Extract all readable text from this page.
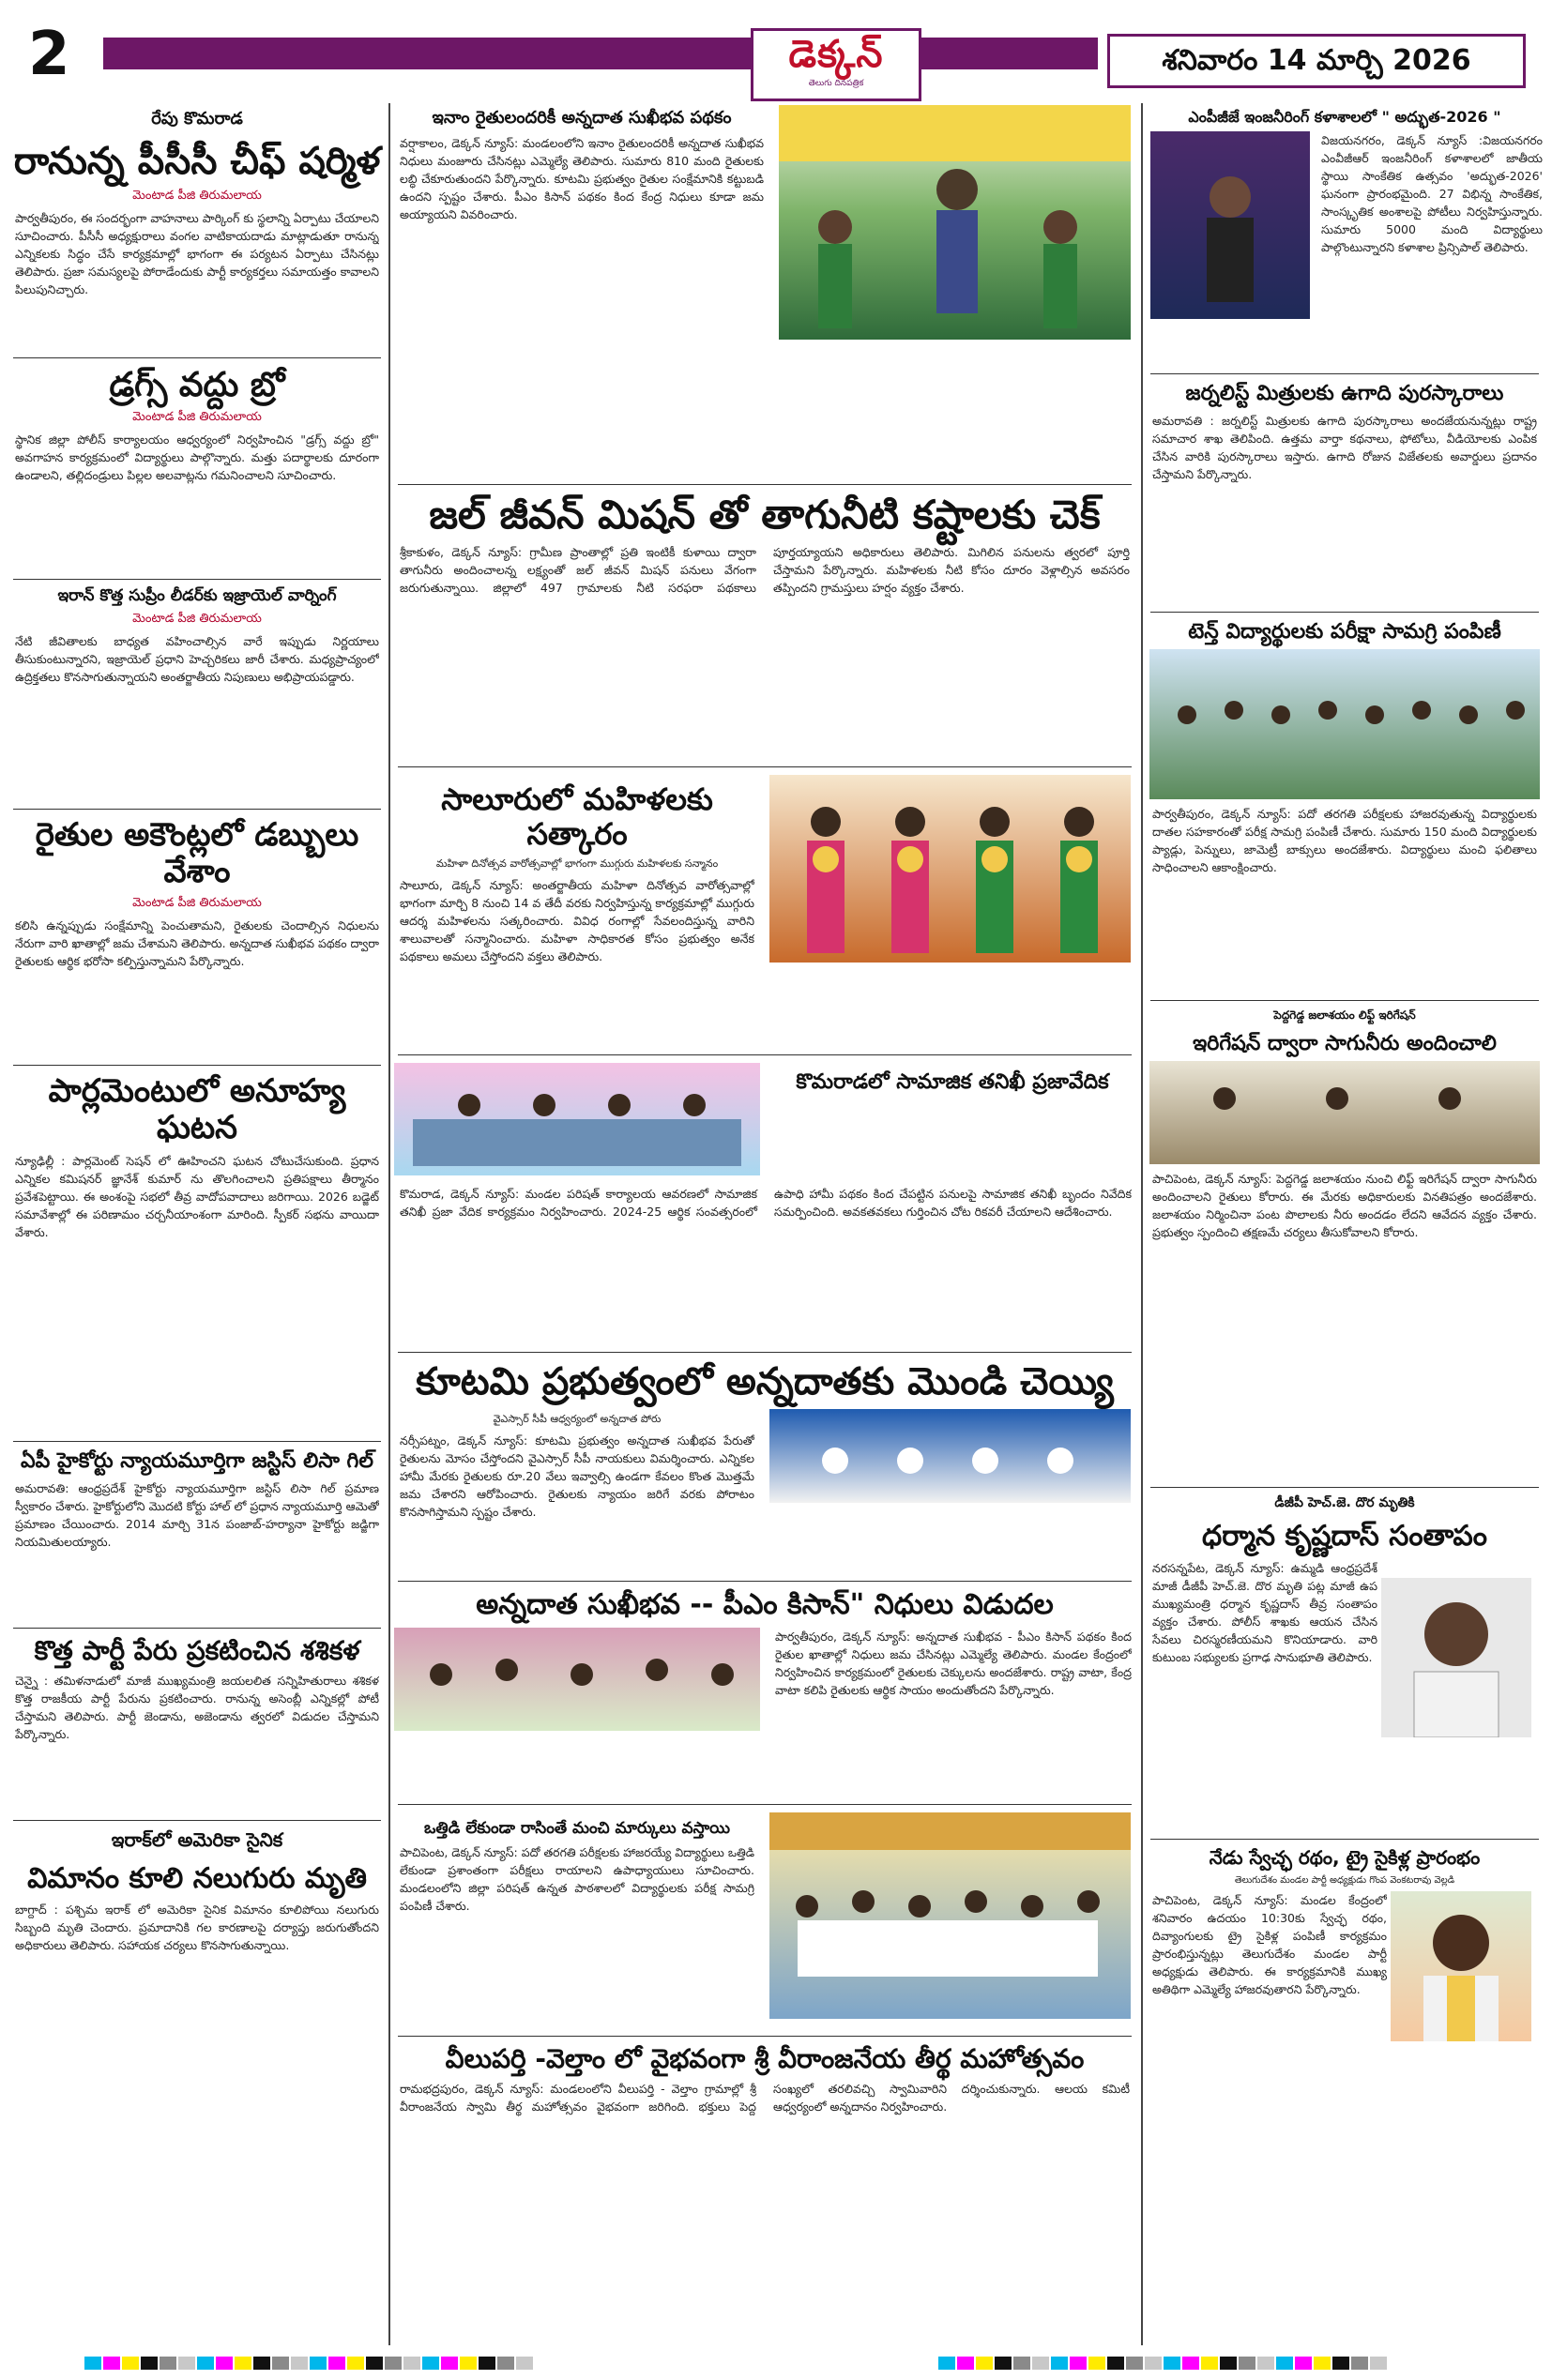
2	డెక్కన్
తెలుగు దినపత్రిక
శనివారం 14 మార్చి 2026
రేపు కొమరాడ
రానున్న పీసీసీ చీఫ్ షర్మిళ
మెంటాడ పీజి తిరుమలాయ
పార్వతీపురం, ఈ సందర్భంగా వాహనాలు పార్కింగ్ కు స్థలాన్ని ఏర్పాటు చేయాలని సూచించారు. పీసీసీ అధ్యక్షురాలు వంగల వాటికాయదాడు మాట్లాడుతూ రానున్న ఎన్నికలకు సిద్ధం చేసే కార్యక్రమాల్లో భాగంగా ఈ పర్యటన ఏర్పాటు చేసినట్లు తెలిపారు. ప్రజా సమస్యలపై పోరాడేందుకు పార్టీ కార్యకర్తలు సమాయత్తం కావాలని పిలుపునిచ్చారు.
డ్రగ్స్ వద్దు బ్రో
మెంటాడ పీజి తిరుమలాయ
స్థానిక జిల్లా పోలీస్ కార్యాలయం ఆధ్వర్యంలో నిర్వహించిన "డ్రగ్స్ వద్దు బ్రో" అవగాహన కార్యక్రమంలో విద్యార్థులు పాల్గొన్నారు. మత్తు పదార్థాలకు దూరంగా ఉండాలని, తల్లిదండ్రులు పిల్లల అలవాట్లను గమనించాలని సూచించారు.
ఇరాన్ కొత్త సుప్రీం లీడర్‌కు ఇజ్రాయెల్ వార్నింగ్
మెంటాడ పీజి తిరుమలాయ
నేటి జీవితాలకు బాధ్యత వహించాల్సిన వారే ఇప్పుడు నిర్ణయాలు తీసుకుంటున్నారని, ఇజ్రాయెల్ ప్రధాని హెచ్చరికలు జారీ చేశారు. మధ్యప్రాచ్యంలో ఉద్రిక్తతలు కొనసాగుతున్నాయని అంతర్జాతీయ నిపుణులు అభిప్రాయపడ్డారు.
రైతుల అకౌంట్లలో డబ్బులు వేశాం
మెంటాడ పీజి తిరుమలాయ
కలిసి ఉన్నప్పుడు సంక్షేమాన్ని పెంచుతామని, రైతులకు చెందాల్సిన నిధులను నేరుగా వారి ఖాతాల్లో జమ చేశామని తెలిపారు. అన్నదాత సుఖీభవ పథకం ద్వారా రైతులకు ఆర్థిక భరోసా కల్పిస్తున్నామని పేర్కొన్నారు.
పార్లమెంటులో అనూహ్య ఘటన
న్యూఢిల్లీ : పార్లమెంట్ సెషన్ లో ఊహించని ఘటన చోటుచేసుకుంది. ప్రధాన ఎన్నికల కమిషనర్ జ్ఞానేశ్ కుమార్ ను తొలగించాలని ప్రతిపక్షాలు తీర్మానం ప్రవేశపెట్టాయి. ఈ అంశంపై సభలో తీవ్ర వాదోపవాదాలు జరిగాయి. 2026 బడ్జెట్ సమావేశాల్లో ఈ పరిణామం చర్చనీయాంశంగా మారింది. స్పీకర్ సభను వాయిదా వేశారు.
ఏపీ హైకోర్టు న్యాయమూర్తిగా జస్టిస్ లిసా గిల్
అమరావతి: ఆంధ్రప్రదేశ్ హైకోర్టు న్యాయమూర్తిగా జస్టిస్ లిసా గిల్ ప్రమాణ స్వీకారం చేశారు. హైకోర్టులోని మొదటి కోర్టు హాల్ లో ప్రధాన న్యాయమూర్తి ఆమెతో ప్రమాణం చేయించారు. 2014 మార్చి 31న పంజాబ్-హర్యానా హైకోర్టు జడ్జిగా నియమితులయ్యారు.
కొత్త పార్టీ పేరు ప్రకటించిన శశికళ
చెన్నై : తమిళనాడులో మాజీ ముఖ్యమంత్రి జయలలిత సన్నిహితురాలు శశికళ కొత్త రాజకీయ పార్టీ పేరును ప్రకటించారు. రానున్న అసెంబ్లీ ఎన్నికల్లో పోటీ చేస్తామని తెలిపారు. పార్టీ జెండాను, అజెండాను త్వరలో విడుదల చేస్తామని పేర్కొన్నారు.
ఇరాక్‌లో అమెరికా సైనిక
విమానం కూలి నలుగురు మృతి
బాగ్దాద్ : పశ్చిమ ఇరాక్ లో అమెరికా సైనిక విమానం కూలిపోయి నలుగురు సిబ్బంది మృతి చెందారు. ప్రమాదానికి గల కారణాలపై దర్యాప్తు జరుగుతోందని అధికారులు తెలిపారు. సహాయక చర్యలు కొనసాగుతున్నాయి.
ఇనాం రైతులందరికీ అన్నదాత సుఖీభవ పథకం
వర్షాకాలం, డెక్కన్ న్యూస్: మండలంలోని ఇనాం రైతులందరికీ అన్నదాత సుఖీభవ నిధులు మంజూరు చేసినట్లు ఎమ్మెల్యే తెలిపారు. సుమారు 810 మంది రైతులకు లబ్ధి చేకూరుతుందని పేర్కొన్నారు. కూటమి ప్రభుత్వం రైతుల సంక్షేమానికి కట్టుబడి ఉందని స్పష్టం చేశారు. పీఎం కిసాన్ పథకం కింద కేంద్ర నిధులు కూడా జమ అయ్యాయని వివరించారు.
జల్ జీవన్ మిషన్ తో తాగునీటి కష్టాలకు చెక్
శ్రీకాకుళం, డెక్కన్ న్యూస్: గ్రామీణ ప్రాంతాల్లో ప్రతి ఇంటికీ కుళాయి ద్వారా తాగునీరు అందించాలన్న లక్ష్యంతో జల్ జీవన్ మిషన్ పనులు వేగంగా జరుగుతున్నాయి. జిల్లాలో 497 గ్రామాలకు నీటి సరఫరా పథకాలు పూర్తయ్యాయని అధికారులు తెలిపారు. మిగిలిన పనులను త్వరలో పూర్తి చేస్తామని పేర్కొన్నారు. మహిళలకు నీటి కోసం దూరం వెళ్లాల్సిన అవసరం తప్పిందని గ్రామస్తులు హర్షం వ్యక్తం చేశారు.
సాలూరులో మహిళలకు సత్కారం
మహిళా దినోత్సవ వారోత్సవాల్లో భాగంగా ముగ్గురు మహిళలకు సన్మానం
సాలూరు, డెక్కన్ న్యూస్: అంతర్జాతీయ మహిళా దినోత్సవ వారోత్సవాల్లో భాగంగా మార్చి 8 నుంచి 14 వ తేదీ వరకు నిర్వహిస్తున్న కార్యక్రమాల్లో ముగ్గురు ఆదర్శ మహిళలను సత్కరించారు. వివిధ రంగాల్లో సేవలందిస్తున్న వారిని శాలువాలతో సన్మానించారు. మహిళా సాధికారత కోసం ప్రభుత్వం అనేక పథకాలు అమలు చేస్తోందని వక్తలు తెలిపారు.
కొమరాడలో సామాజిక తనిఖీ ప్రజావేదిక
కొమరాడ, డెక్కన్ న్యూస్: మండల పరిషత్ కార్యాలయ ఆవరణలో సామాజిక తనిఖీ ప్రజా వేదిక కార్యక్రమం నిర్వహించారు. 2024-25 ఆర్థిక సంవత్సరంలో ఉపాధి హామీ పథకం కింద చేపట్టిన పనులపై సామాజిక తనిఖీ బృందం నివేదిక సమర్పించింది. అవకతవకలు గుర్తించిన చోట రికవరీ చేయాలని ఆదేశించారు.
కూటమి ప్రభుత్వంలో అన్నదాతకు మొండి చెయ్యి
వైఎస్సార్ సీపీ ఆధ్వర్యంలో అన్నదాత పోరు
నర్సీపట్నం, డెక్కన్ న్యూస్: కూటమి ప్రభుత్వం అన్నదాత సుఖీభవ పేరుతో రైతులను మోసం చేస్తోందని వైఎస్సార్ సీపీ నాయకులు విమర్శించారు. ఎన్నికల హామీ మేరకు రైతులకు రూ.20 వేలు ఇవ్వాల్సి ఉండగా కేవలం కొంత మొత్తమే జమ చేశారని ఆరోపించారు. రైతులకు న్యాయం జరిగే వరకు పోరాటం కొనసాగిస్తామని స్పష్టం చేశారు.
అన్నదాత సుఖీభవ -- పీఎం కిసాన్" నిధులు విడుదల
పార్వతీపురం, డెక్కన్ న్యూస్: అన్నదాత సుఖీభవ - పీఎం కిసాన్ పథకం కింద రైతుల ఖాతాల్లో నిధులు జమ చేసినట్లు ఎమ్మెల్యే తెలిపారు. మండల కేంద్రంలో నిర్వహించిన కార్యక్రమంలో రైతులకు చెక్కులను అందజేశారు. రాష్ట్ర వాటా, కేంద్ర వాటా కలిపి రైతులకు ఆర్థిక సాయం అందుతోందని పేర్కొన్నారు.
ఒత్తిడి లేకుండా రాసింతే మంచి మార్కులు వస్తాయి
పాచిపెంట, డెక్కన్ న్యూస్: పదో తరగతి పరీక్షలకు హాజరయ్యే విద్యార్థులు ఒత్తిడి లేకుండా ప్రశాంతంగా పరీక్షలు రాయాలని ఉపాధ్యాయులు సూచించారు. మండలంలోని జిల్లా పరిషత్ ఉన్నత పాఠశాలలో విద్యార్థులకు పరీక్ష సామగ్రి పంపిణీ చేశారు.
వీలుపర్తి -వెల్తాం లో వైభవంగా శ్రీ వీరాంజనేయ తీర్థ మహోత్సవం
రామభద్రపురం, డెక్కన్ న్యూస్: మండలంలోని వీలుపర్తి - వెల్తాం గ్రామాల్లో శ్రీ వీరాంజనేయ స్వామి తీర్థ మహోత్సవం వైభవంగా జరిగింది. భక్తులు పెద్ద సంఖ్యలో తరలివచ్చి స్వామివారిని దర్శించుకున్నారు. ఆలయ కమిటీ ఆధ్వర్యంలో అన్నదానం నిర్వహించారు.
ఎంపీజీజే ఇంజనీరింగ్ కళాశాలలో " అద్భుత-2026 "
విజయనగరం, డెక్కన్ న్యూస్ :విజయనగరం ఎంవీజీఆర్ ఇంజనీరింగ్ కళాశాలలో జాతీయ స్థాయి సాంకేతిక ఉత్సవం 'అద్భుత-2026' ఘనంగా ప్రారంభమైంది. 27 విభిన్న సాంకేతిక, సాంస్కృతిక అంశాలపై పోటీలు నిర్వహిస్తున్నారు. సుమారు 5000 మంది విద్యార్థులు పాల్గొంటున్నారని కళాశాల ప్రిన్సిపాల్ తెలిపారు.
జర్నలిస్ట్ మిత్రులకు ఉగాది పురస్కారాలు
అమరావతి : జర్నలిస్ట్ మిత్రులకు ఉగాది పురస్కారాలు అందజేయనున్నట్లు రాష్ట్ర సమాచార శాఖ తెలిపింది. ఉత్తమ వార్తా కథనాలు, ఫోటోలు, వీడియోలకు ఎంపిక చేసిన వారికి పురస్కారాలు ఇస్తారు. ఉగాది రోజున విజేతలకు అవార్డులు ప్రదానం చేస్తామని పేర్కొన్నారు.
టెన్త్ విద్యార్థులకు పరీక్షా సామగ్రి పంపిణీ
పార్వతీపురం, డెక్కన్ న్యూస్: పదో తరగతి పరీక్షలకు హాజరవుతున్న విద్యార్థులకు దాతల సహకారంతో పరీక్ష సామగ్రి పంపిణీ చేశారు. సుమారు 150 మంది విద్యార్థులకు ప్యాడ్లు, పెన్నులు, జామెట్రీ బాక్సులు అందజేశారు. విద్యార్థులు మంచి ఫలితాలు సాధించాలని ఆకాంక్షించారు.
పెద్దగెడ్డ జలాశయం లిఫ్ట్ ఇరిగేషన్
ఇరిగేషన్ ద్వారా సాగునీరు అందించాలి
పాచిపెంట, డెక్కన్ న్యూస్: పెద్దగెడ్డ జలాశయం నుంచి లిఫ్ట్ ఇరిగేషన్ ద్వారా సాగునీరు అందించాలని రైతులు కోరారు. ఈ మేరకు అధికారులకు వినతిపత్రం అందజేశారు. జలాశయం నిర్మించినా పంట పొలాలకు నీరు అందడం లేదని ఆవేదన వ్యక్తం చేశారు. ప్రభుత్వం స్పందించి తక్షణమే చర్యలు తీసుకోవాలని కోరారు.
డీజీపీ హెచ్.జె. దొర మృతికి
ధర్మాన కృష్ణదాస్ సంతాపం
నరసన్నపేట, డెక్కన్ న్యూస్: ఉమ్మడి ఆంధ్రప్రదేశ్ మాజీ డీజీపీ హెచ్.జె. దొర మృతి పట్ల మాజీ ఉప ముఖ్యమంత్రి ధర్మాన కృష్ణదాస్ తీవ్ర సంతాపం వ్యక్తం చేశారు. పోలీస్ శాఖకు ఆయన చేసిన సేవలు చిరస్మరణీయమని కొనియాడారు. వారి కుటుంబ సభ్యులకు ప్రగాఢ సానుభూతి తెలిపారు.
నేడు స్వేచ్ఛ రథం, ట్రై సైకిళ్ల ప్రారంభం
తెలుగుదేశం మండల పార్టీ అధ్యక్షుడు గొంప వెంకటరావు వెల్లడి
పాచిపెంట, డెక్కన్ న్యూస్: మండల కేంద్రంలో శనివారం ఉదయం 10:30కు స్వేచ్ఛ రథం, దివ్యాంగులకు ట్రై సైకిళ్ల పంపిణీ కార్యక్రమం ప్రారంభిస్తున్నట్లు తెలుగుదేశం మండల పార్టీ అధ్యక్షుడు తెలిపారు. ఈ కార్యక్రమానికి ముఖ్య అతిథిగా ఎమ్మెల్యే హాజరవుతారని పేర్కొన్నారు.
